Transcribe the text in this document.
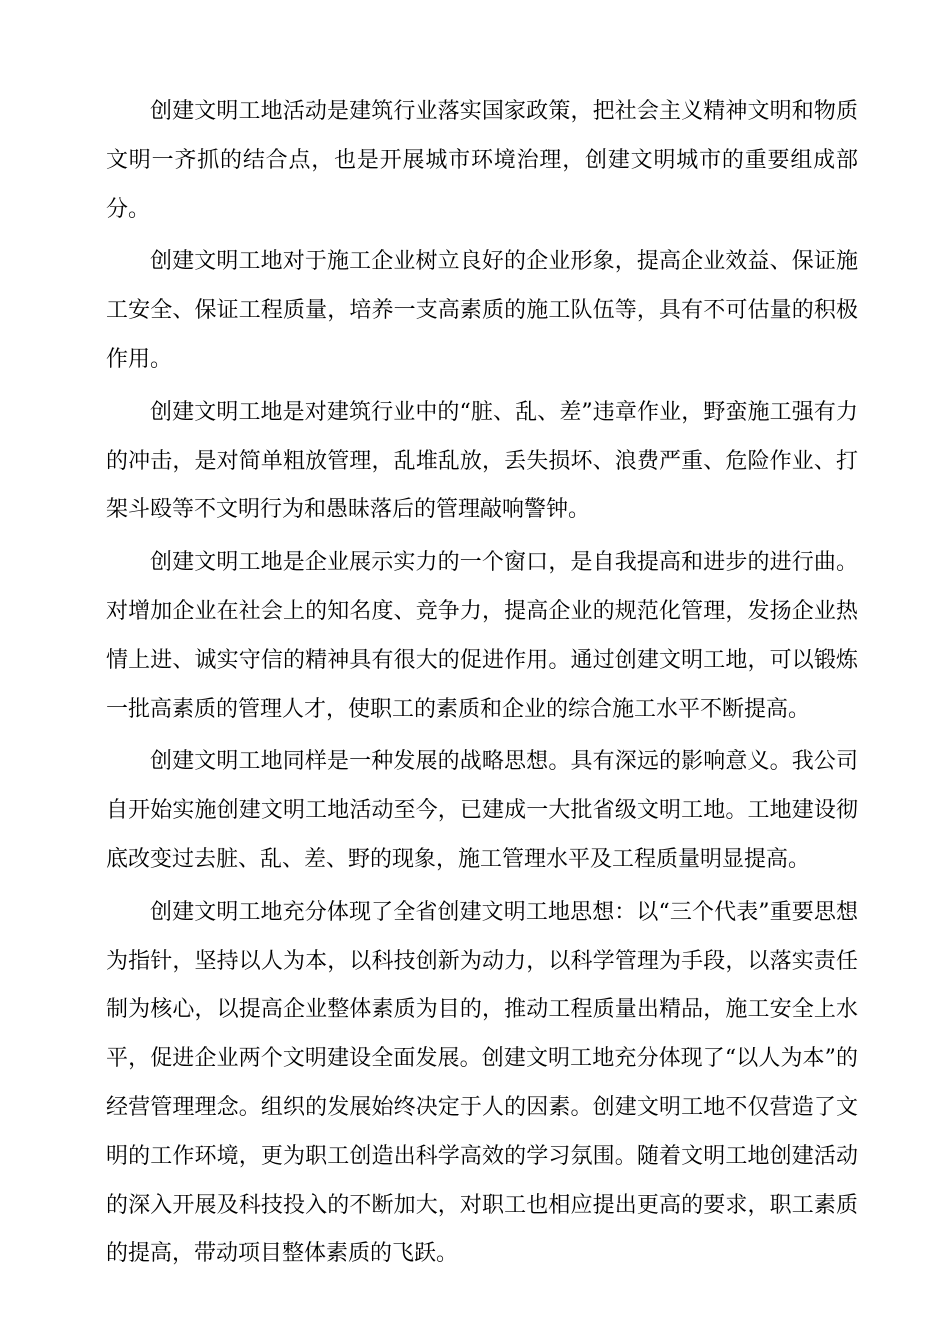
创建文明工地活动是建筑行业落实国家政策，把社会主义精神文明和物质文明一齐抓的结合点，也是开展城市环境治理，创建文明城市的重要组成部分。

创建文明工地对于施工企业树立良好的企业形象，提高企业效益、保证施工安全、保证工程质量，培养一支高素质的施工队伍等，具有不可估量的积极作用。

创建文明工地是对建筑行业中的“脏、乱、差”违章作业，野蛮施工强有力的冲击，是对简单粗放管理，乱堆乱放，丢失损坏、浪费严重、危险作业、打架斗殴等不文明行为和愚昧落后的管理敲响警钟。

创建文明工地是企业展示实力的一个窗口，是自我提高和进步的进行曲。对增加企业在社会上的知名度、竞争力，提高企业的规范化管理，发扬企业热情上进、诚实守信的精神具有很大的促进作用。通过创建文明工地，可以锻炼一批高素质的管理人才，使职工的素质和企业的综合施工水平不断提高。

创建文明工地同样是一种发展的战略思想。具有深远的影响意义。我公司自开始实施创建文明工地活动至今，已建成一大批省级文明工地。工地建设彻底改变过去脏、乱、差、野的现象，施工管理水平及工程质量明显提高。

创建文明工地充分体现了全省创建文明工地思想：以“三个代表”重要思想为指针，坚持以人为本，以科技创新为动力，以科学管理为手段，以落实责任制为核心，以提高企业整体素质为目的，推动工程质量出精品，施工安全上水平，促进企业两个文明建设全面发展。创建文明工地充分体现了“以人为本”的经营管理理念。组织的发展始终决定于人的因素。创建文明工地不仅营造了文明的工作环境，更为职工创造出科学高效的学习氛围。随着文明工地创建活动的深入开展及科技投入的不断加大，对职工也相应提出更高的要求，职工素质的提高，带动项目整体素质的飞跃。
